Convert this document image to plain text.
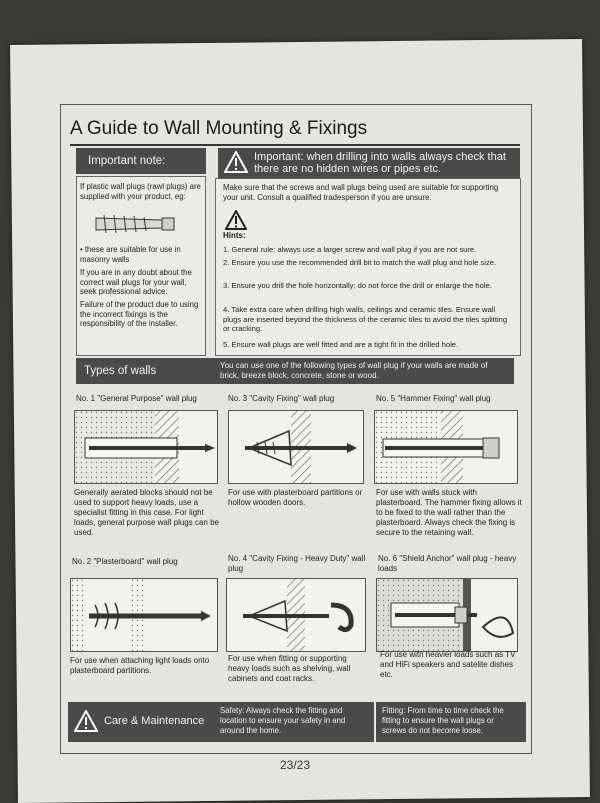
A Guide to Wall Mounting & Fixings
Important note:	Important: when drilling into walls always check that there are no hidden wires or pipes etc.
If plastic wall plugs (rawl plugs) are supplied with your product, eg:
• these are suitable for use in masonry walls
If you are in any doubt about the correct wall plugs for your wall, seek professional advice.
Failure of the product due to using the incorrect fixings is the responsibility of the installer.
Make sure that the screws and wall plugs being used are suitable for supporting your unit. Consult a qualified tradesperson if you are unsure.
Hints:
1. General rule: always use a larger screw and wall plug if you are not sure.
2. Ensure you use the recommended drill bit to match the wall plug and hole size.
3. Ensure you drill the hole horizontally; do not force the drill or enlarge the hole.
4. Take extra care when drilling high walls, ceilings and ceramic tiles. Ensure wall plugs are inserted beyond the thickness of the ceramic tiles to avoid the tiles splitting or cracking.
5. Ensure wall plugs are well fitted and are a tight fit in the drilled hole.
Types of walls	You can use one of the following types of wall plug if your walls are made of brick, breeze block, concrete, stone or wood.
No. 1 "General Purpose" wall plug
Generally aerated blocks should not be used to support heavy loads, use a specialist fitting in this case. For light loads, general purpose wall plugs can be used.
No. 3 "Cavity Fixing" wall plug
For use with plasterboard partitions or hollow wooden doors.
No. 5 "Hammer Fixing" wall plug
For use with walls stuck with plasterboard. The hammer fixing allows it to be fixed to the wall rather than the plasterboard. Always check the fixing is secure to the retaining wall.
No. 2 "Plasterboard" wall plug
For use when attaching light loads onto plasterboard partitions.
No. 4 "Cavity Fixing - Heavy Duty" wall plug
For use when fitting or supporting heavy loads such as shelving, wall cabinets and coat racks.
No. 6 "Shield Anchor" wall plug - heavy loads
For use with heavier loads such as TV and HiFi speakers and satelite dishes etc.
Care & Maintenance
Safety: Always check the fitting and location to ensure your safety in and around the home.
Fitting: From time to time check the fitting to ensure the wall plugs or screws do not become loose.
23/23
